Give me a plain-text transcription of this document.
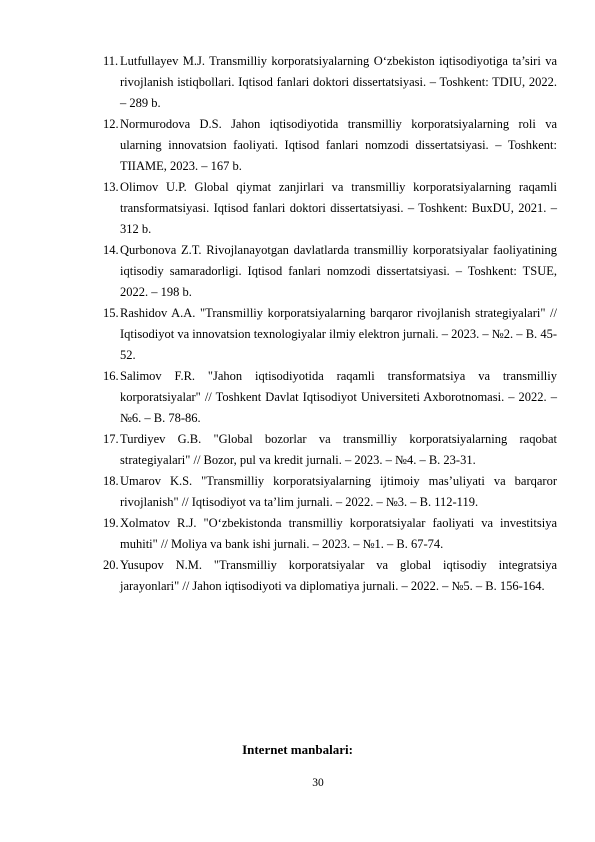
11. Lutfullayev M.J. Transmilliy korporatsiyalarning O‘zbekiston iqtisodiyotiga ta’siri va rivojlanish istiqbollari. Iqtisod fanlari doktori dissertatsiyasi. – Toshkent: TDIU, 2022. – 289 b.
12. Normurodova D.S. Jahon iqtisodiyotida transmilliy korporatsiyalarning roli va ularning innovatsion faoliyati. Iqtisod fanlari nomzodi dissertatsiyasi. – Toshkent: TIIAME, 2023. – 167 b.
13. Olimov U.P. Global qiymat zanjirlari va transmilliy korporatsiyalarning raqamli transformatsiyasi. Iqtisod fanlari doktori dissertatsiyasi. – Toshkent: BuxDU, 2021. – 312 b.
14. Qurbonova Z.T. Rivojlanayotgan davlatlarda transmilliy korporatsiyalar faoliyatining iqtisodiy samaradorligi. Iqtisod fanlari nomzodi dissertatsiyasi. – Toshkent: TSUE, 2022. – 198 b.
15. Rashidov A.A. "Transmilliy korporatsiyalarning barqaror rivojlanish strategiyalari" // Iqtisodiyot va innovatsion texnologiyalar ilmiy elektron jurnali. – 2023. – №2. – B. 45-52.
16. Salimov F.R. "Jahon iqtisodiyotida raqamli transformatsiya va transmilliy korporatsiyalar" // Toshkent Davlat Iqtisodiyot Universiteti Axborotnomasi. – 2022. – №6. – B. 78-86.
17. Turdiyev G.B. "Global bozorlar va transmilliy korporatsiyalarning raqobat strategiyalari" // Bozor, pul va kredit jurnali. – 2023. – №4. – B. 23-31.
18. Umarov K.S. "Transmilliy korporatsiyalarning ijtimoiy mas’uliyati va barqaror rivojlanish" // Iqtisodiyot va ta’lim jurnali. – 2022. – №3. – B. 112-119.
19. Xolmatov R.J. "O‘zbekistonda transmilliy korporatsiyalar faoliyati va investitsiya muhiti" // Moliya va bank ishi jurnali. – 2023. – №1. – B. 67-74.
20. Yusupov N.M. "Transmilliy korporatsiyalar va global iqtisodiy integratsiya jarayonlari" // Jahon iqtisodiyoti va diplomatiya jurnali. – 2022. – №5. – B. 156-164.
Internet manbalari:
30
